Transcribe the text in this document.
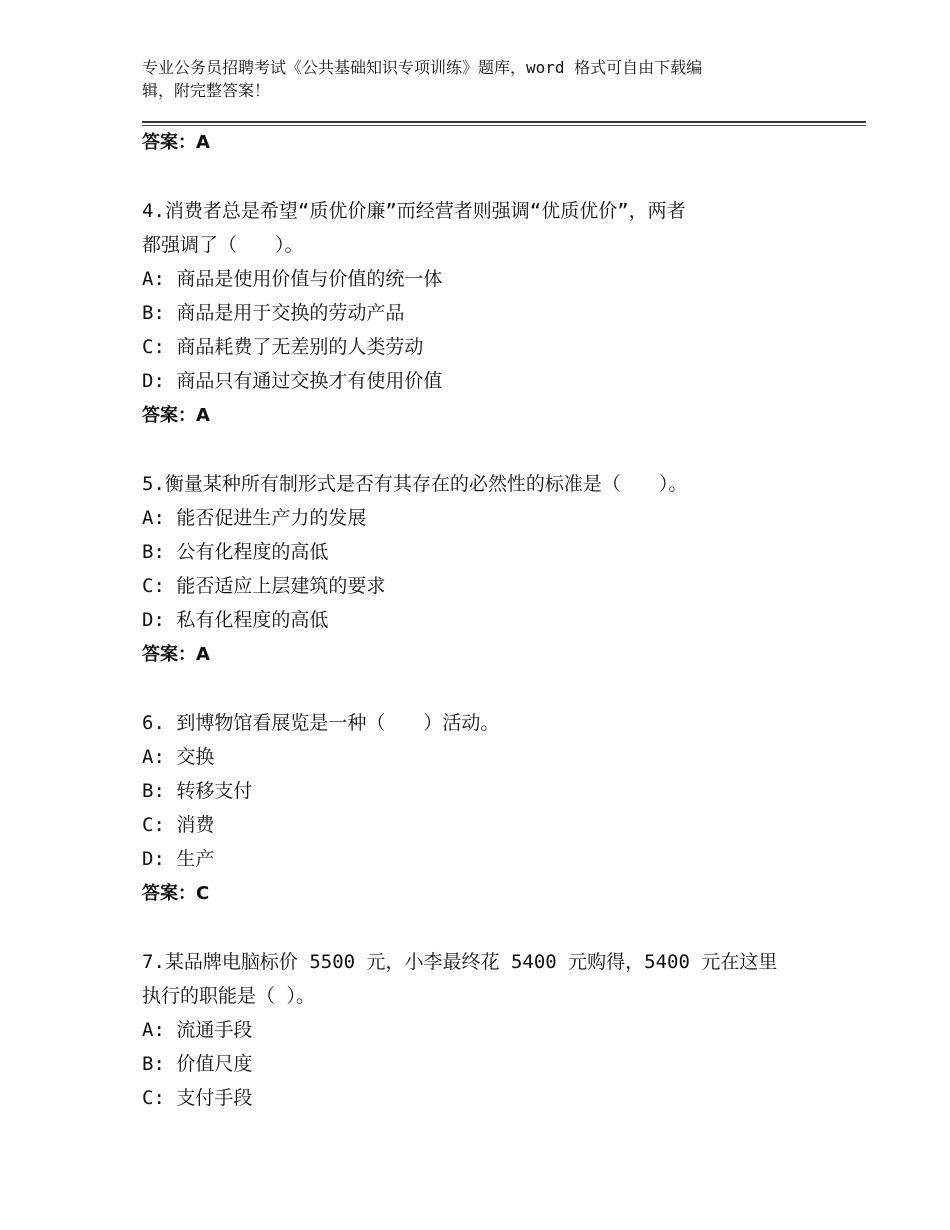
专业公务员招聘考试《公共基础知识专项训练》题库，word 格式可自由下载编
辑，附完整答案！
答案：A
4.消费者总是希望“质优价廉”而经营者则强调“优质优价”，两者
都强调了（　　）。
A: 商品是使用价值与价值的统一体
B: 商品是用于交换的劳动产品
C: 商品耗费了无差别的人类劳动
D: 商品只有通过交换才有使用价值
答案：A
5.衡量某种所有制形式是否有其存在的必然性的标准是（　　）。
A: 能否促进生产力的发展
B: 公有化程度的高低
C: 能否适应上层建筑的要求
D: 私有化程度的高低
答案：A
6. 到博物馆看展览是一种（　　）活动。
A: 交换
B: 转移支付
C: 消费
D: 生产
答案：C
7.某品牌电脑标价 5500 元，小李最终花 5400 元购得，5400 元在这里
执行的职能是（ ）。
A: 流通手段
B: 价值尺度
C: 支付手段
